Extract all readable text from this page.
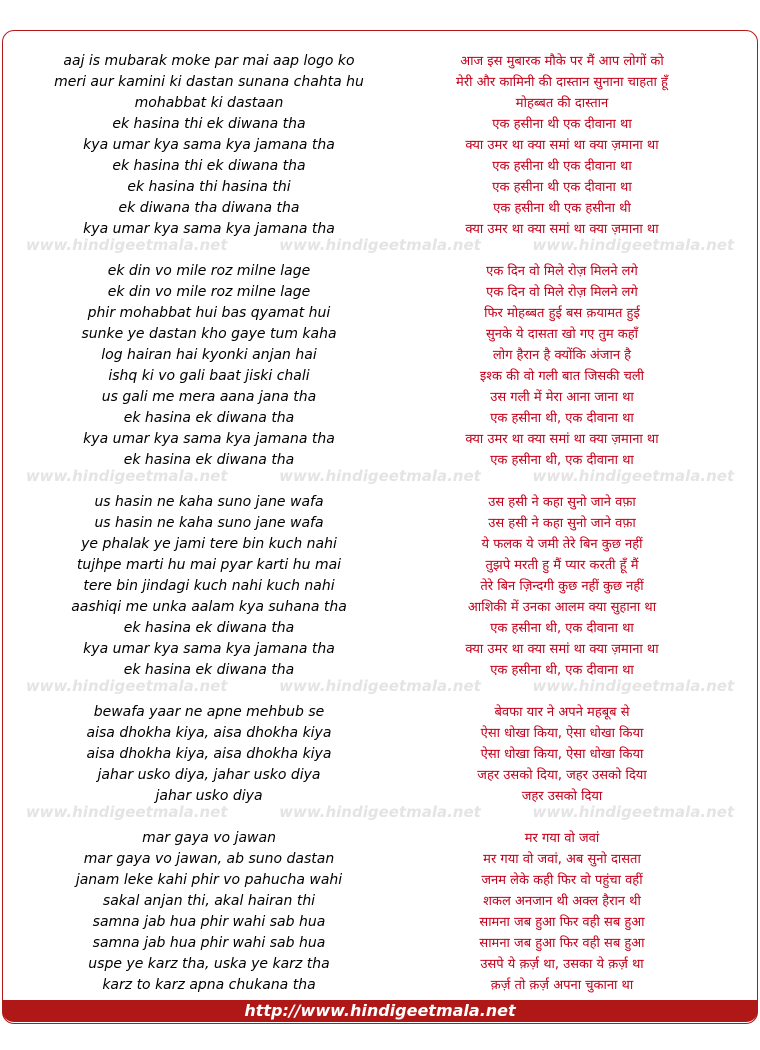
www.hindigeetmala.net	www.hindigeetmala.net	www.hindigeetmala.net
www.hindigeetmala.net	www.hindigeetmala.net	www.hindigeetmala.net
www.hindigeetmala.net	www.hindigeetmala.net	www.hindigeetmala.net
www.hindigeetmala.net	www.hindigeetmala.net	www.hindigeetmala.net
aaj is mubarak moke par mai aap logo ko	आज इस मुबारक मौके पर मैं आप लोगों को
meri aur kamini ki dastan sunana chahta hu	मेरी और कामिनी की दास्तान सुनाना चाहता हूँ
mohabbat ki dastaan	मोहब्बत की दास्तान
ek hasina thi ek diwana tha	एक हसीना थी एक दीवाना था
kya umar kya sama kya jamana tha	क्या उमर था क्या समां था क्या ज़माना था
ek hasina thi ek diwana tha	एक हसीना थी एक दीवाना था
ek hasina thi hasina thi	एक हसीना थी एक दीवाना था
ek diwana tha diwana tha	एक हसीना थी एक हसीना थी
kya umar kya sama kya jamana tha	क्या उमर था क्या समां था क्या ज़माना था
ek din vo mile roz milne lage	एक दिन वो मिले रोज़ मिलने लगे
ek din vo mile roz milne lage	एक दिन वो मिले रोज़ मिलने लगे
phir mohabbat hui bas qyamat hui	फिर मोहब्बत हुई बस क़यामत हुई
sunke ye dastan kho gaye tum kaha	सुनके ये दासता खो गए तुम कहाँ
log hairan hai kyonki anjan hai	लोग हैरान है क्योंकि अंजान है
ishq ki vo gali baat jiski chali	इश्क की वो गली बात जिसकी चली
us gali me mera aana jana tha	उस गली में मेरा आना जाना था
ek hasina ek diwana tha	एक हसीना थी, एक दीवाना था
kya umar kya sama kya jamana tha	क्या उमर था क्या समां था क्या ज़माना था
ek hasina ek diwana tha	एक हसीना थी, एक दीवाना था
us hasin ne kaha suno jane wafa	उस हसी ने कहा सुनो जाने वफ़ा
us hasin ne kaha suno jane wafa	उस हसी ने कहा सुनो जाने वफ़ा
ye phalak ye jami tere bin kuch nahi	ये फलक ये जमी तेरे बिन कुछ नहीं
tujhpe marti hu mai pyar karti hu mai	तुझपे मरती हु मैं प्यार करती हूँ मैं
tere bin jindagi kuch nahi kuch nahi	तेरे बिन ज़िन्दगी कुछ नहीं कुछ नहीं
aashiqi me unka aalam kya suhana tha	आशिकी में उनका आलम क्या सुहाना था
ek hasina ek diwana tha	एक हसीना थी, एक दीवाना था
kya umar kya sama kya jamana tha	क्या उमर था क्या समां था क्या ज़माना था
ek hasina ek diwana tha	एक हसीना थी, एक दीवाना था
bewafa yaar ne apne mehbub se	बेवफा यार ने अपने महबूब से
aisa dhokha kiya, aisa dhokha kiya	ऐसा धोखा किया, ऐसा धोखा किया
aisa dhokha kiya, aisa dhokha kiya	ऐसा धोखा किया, ऐसा धोखा किया
jahar usko diya, jahar usko diya	जहर उसको दिया, जहर उसको दिया
jahar usko diya	जहर उसको दिया
mar gaya vo jawan	मर गया वो जवां
mar gaya vo jawan, ab suno dastan	मर गया वो जवां, अब सुनो दासता
janam leke kahi phir vo pahucha wahi	जनम लेके कही फिर वो पहुंचा वहीं
sakal anjan thi, akal hairan thi	शकल अनजान थी अक्ल हैरान थी
samna jab hua phir wahi sab hua	सामना जब हुआ फिर वही सब हुआ
samna jab hua phir wahi sab hua	सामना जब हुआ फिर वही सब हुआ
uspe ye karz tha, uska ye karz tha	उसपे ये क़र्ज़ था, उसका ये क़र्ज़ था
karz to karz apna chukana tha	क़र्ज़ तो क़र्ज़ अपना चुकाना था
http://www.hindigeetmala.net
